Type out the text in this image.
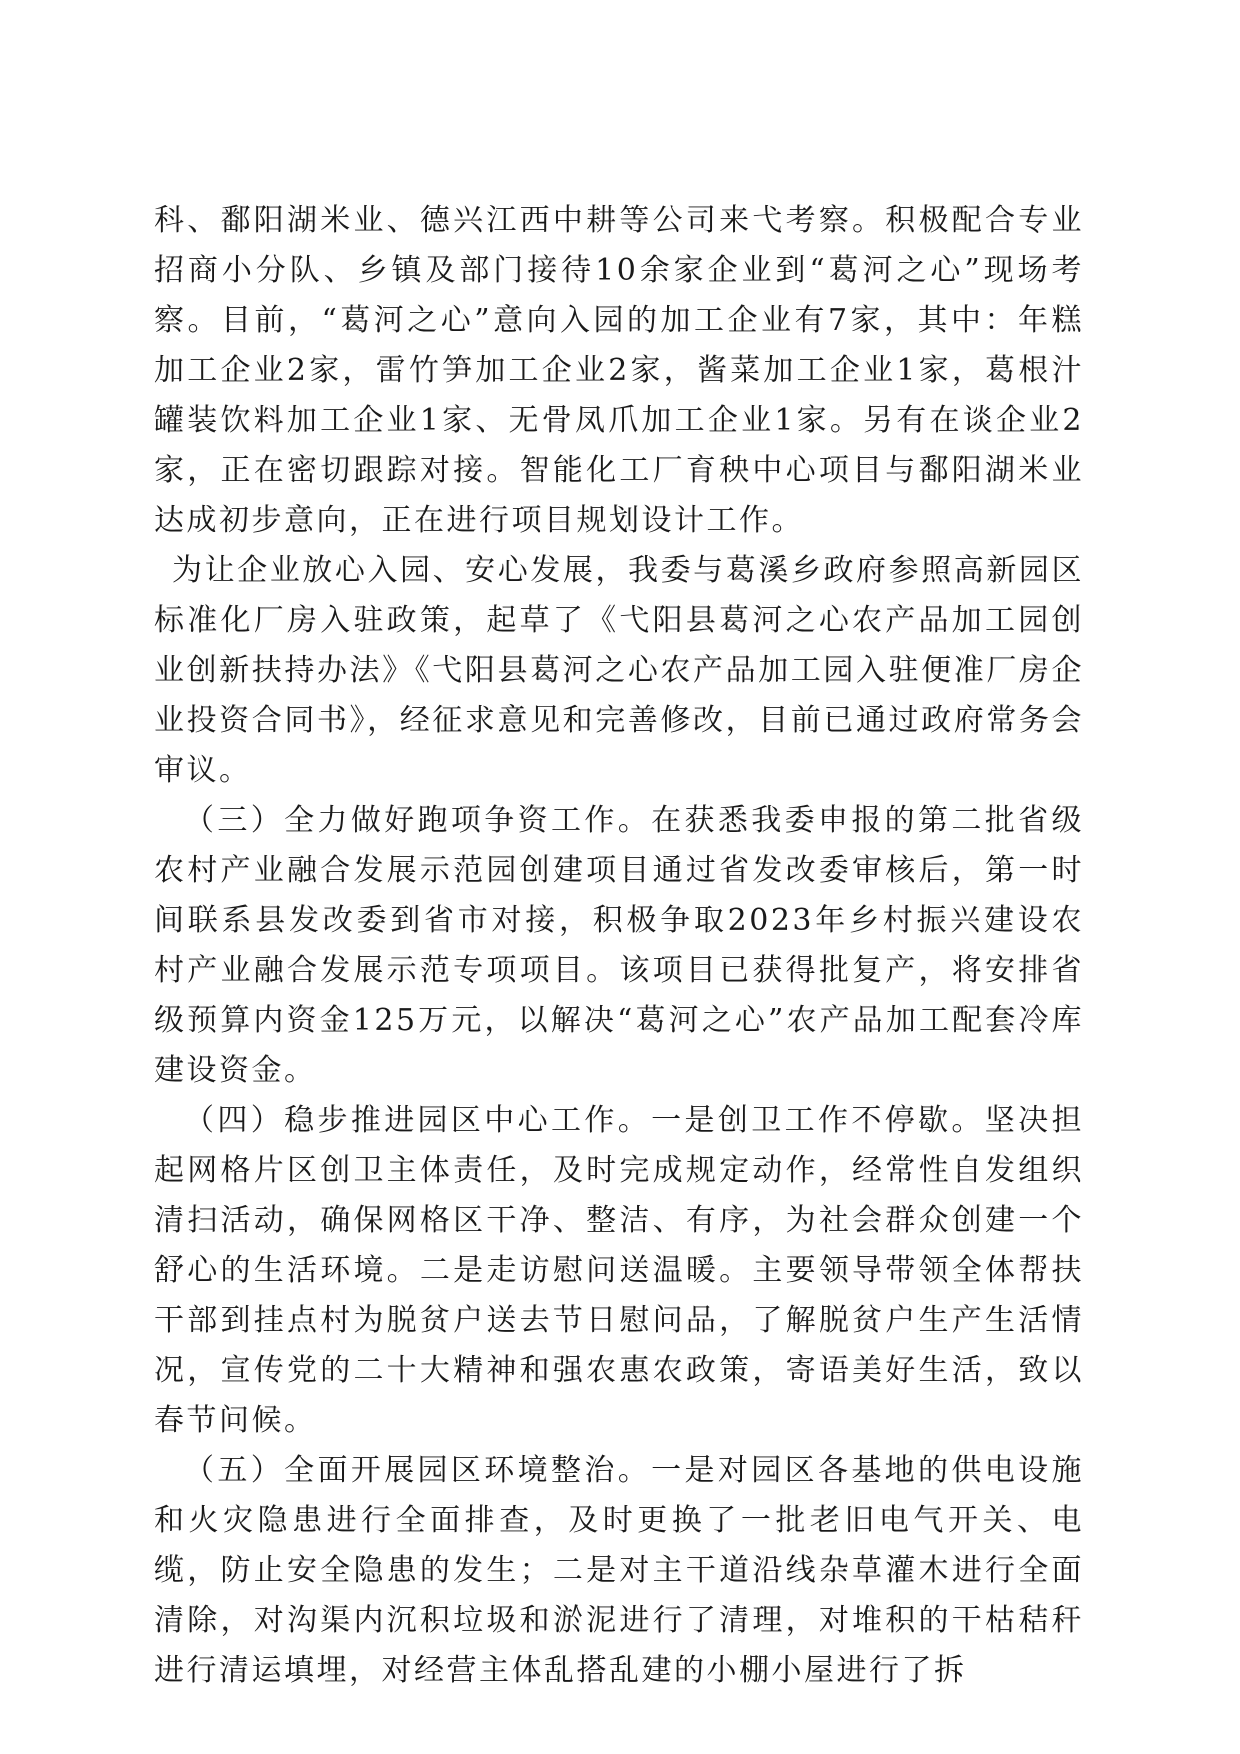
科、鄱阳湖米业、德兴江西中耕等公司来弋考察。积极配合专业招商小分队、乡镇及部门接待10余家企业到“葛河之心”现场考察。目前，“葛河之心”意向入园的加工企业有7家，其中：年糕加工企业2家，雷竹笋加工企业2家，酱菜加工企业1家，葛根汁罐装饮料加工企业1家、无骨凤爪加工企业1家。另有在谈企业2家，正在密切跟踪对接。智能化工厂育秧中心项目与鄱阳湖米业达成初步意向，正在进行项目规划设计工作。

为让企业放心入园、安心发展，我委与葛溪乡政府参照高新园区标准化厂房入驻政策，起草了《弋阳县葛河之心农产品加工园创业创新扶持办法》《弋阳县葛河之心农产品加工园入驻便准厂房企业投资合同书》，经征求意见和完善修改，目前已通过政府常务会审议。

（三）全力做好跑项争资工作。在获悉我委申报的第二批省级农村产业融合发展示范园创建项目通过省发改委审核后，第一时间联系县发改委到省市对接，积极争取2023年乡村振兴建设农村产业融合发展示范专项项目。该项目已获得批复产，将安排省级预算内资金125万元，以解决“葛河之心”农产品加工配套冷库建设资金。

（四）稳步推进园区中心工作。一是创卫工作不停歇。坚决担起网格片区创卫主体责任，及时完成规定动作，经常性自发组织清扫活动，确保网格区干净、整洁、有序，为社会群众创建一个舒心的生活环境。二是走访慰问送温暖。主要领导带领全体帮扶干部到挂点村为脱贫户送去节日慰问品，了解脱贫户生产生活情况，宣传党的二十大精神和强农惠农政策，寄语美好生活，致以春节问候。

（五）全面开展园区环境整治。一是对园区各基地的供电设施和火灾隐患进行全面排查，及时更换了一批老旧电气开关、电缆，防止安全隐患的发生；二是对主干道沿线杂草灌木进行全面清除，对沟渠内沉积垃圾和淤泥进行了清理，对堆积的干枯秸秆进行清运填埋，对经营主体乱搭乱建的小棚小屋进行了拆
